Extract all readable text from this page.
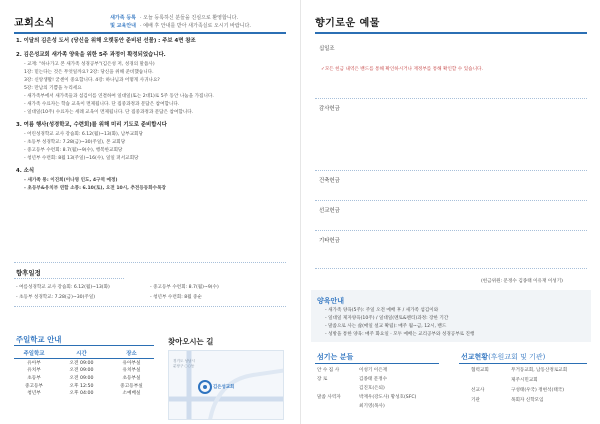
교회소식	새가족 등록
및 교육안내
· 오늘 등록하신 분들을 진심으로 환영합니다.
· 예배 후 안내를 받아 새가족실로 오시기 바랍니다.
1. 이달의 김은성 도서 (당신을 위해 오랫동안 준비된 선물) : 주보 4면 참조
2. 김은성교회 새가족 양육을 위한 5주 과정이 확정되었습니다.
- 교재: "하나가고 본 새가족 성경공부"(김은성 저, 성경의 말씀사)
1강: 믿는다는 것은 무엇일까요? 2강: 당신을 위해 준비했습니다.
3강: 신앙생활! 굳센이 중요합니다. 4강: 하나님과 어떻게 사귀나요?
5강: 만남의 기쁨을 누리세요
- 새가족부에서 새가족들과 섬김이를 연결하여 일대일(또는 2대1)로 5주 동안 나눔을 가집니다.
- 새가족 수료자는 학습 교육이 면제됩니다. 단 집중과정과 문답은 참여합니다.
- 일대일(10주) 수료자는 세례 교육이 면제됩니다. 단 집중과정과 문답은 참여합니다.
3. 여름 행사(성경학교, 수련회)를 위해 미리 기도로 준비합시다
- 어린성경학교 교사 강습회: 6.12(월)~13(화), 남부교회당
- 초등부 성경학교: 7.28(금)~30(주일), 본 교회당
- 중고등부 수련회: 8.7(월)~9(수), 행복한교회당
- 청년부 수련회: 8월 13(주일)~16(수), 일일 퍼서교회당
4. 소식
- 새가족 통: 이진희(이나영 인도, 4구역 예정)
- 초등부&유치부 연합 소풍: 6.10(토), 오전 10시, 추전등동화수목장
향후일정
- 여름성경학교 교사 강습회: 6.12(월)~13(화)	- 중고등부 수련회: 8.7(월)~9(수)
- 초등부 성경학교: 7.28(금)~30(주일)	- 청년부 수련회: 8월 중순
주일학교 안내
주일학교	시간	장소
유아부	오전 09:00	유아부실
유치부	오전 09:00	유치부실
초등부	오전 09:00	초등부실
중고등부	오후 12:50	중고등부실
청년부	오후 04:00	소예배실
찾아오시는 길
경기도 성남시
분당구 ○○동
김은성교회
향기로운 예물
십일조
✓모든 헌금 내역은 밴드를 통해 확인하시거나 재정부를 통해 확인할 수 있습니다.
감사헌금
건축헌금
선교헌금
기타헌금
(헌금위원: 문정수 김종태 이유재 이성기)
양육안내
- 새가족 양육(5주): 주일 오전 예배 후 / 새가족 섬김이와
- 일대일 제자양육(10주) / 일대일(멘토&멘티)과정: 장한 기간
- 말씀으로 사는 삶(매일 설교 확립): 매주 월~금, 12시, 밴드
- 성방을 통한 양육: 매주 화요일 · 모두 예배는 교리공부와 성경공부로 진행
섬기는 분들
안 수 집 사	이성기 이은재
장 로	김종태 문정수
김진호(은퇴)
말씀 사역자	박재우(강도사) 황성호(SFC)
최기영(목사)
선교현황(후원교회 및 기관)
협력교회	무거동교회, 남동산정로교회
제주시민교회
선교사	구성태(우국) 정현석(태국)
기관	목회자 신학모임
